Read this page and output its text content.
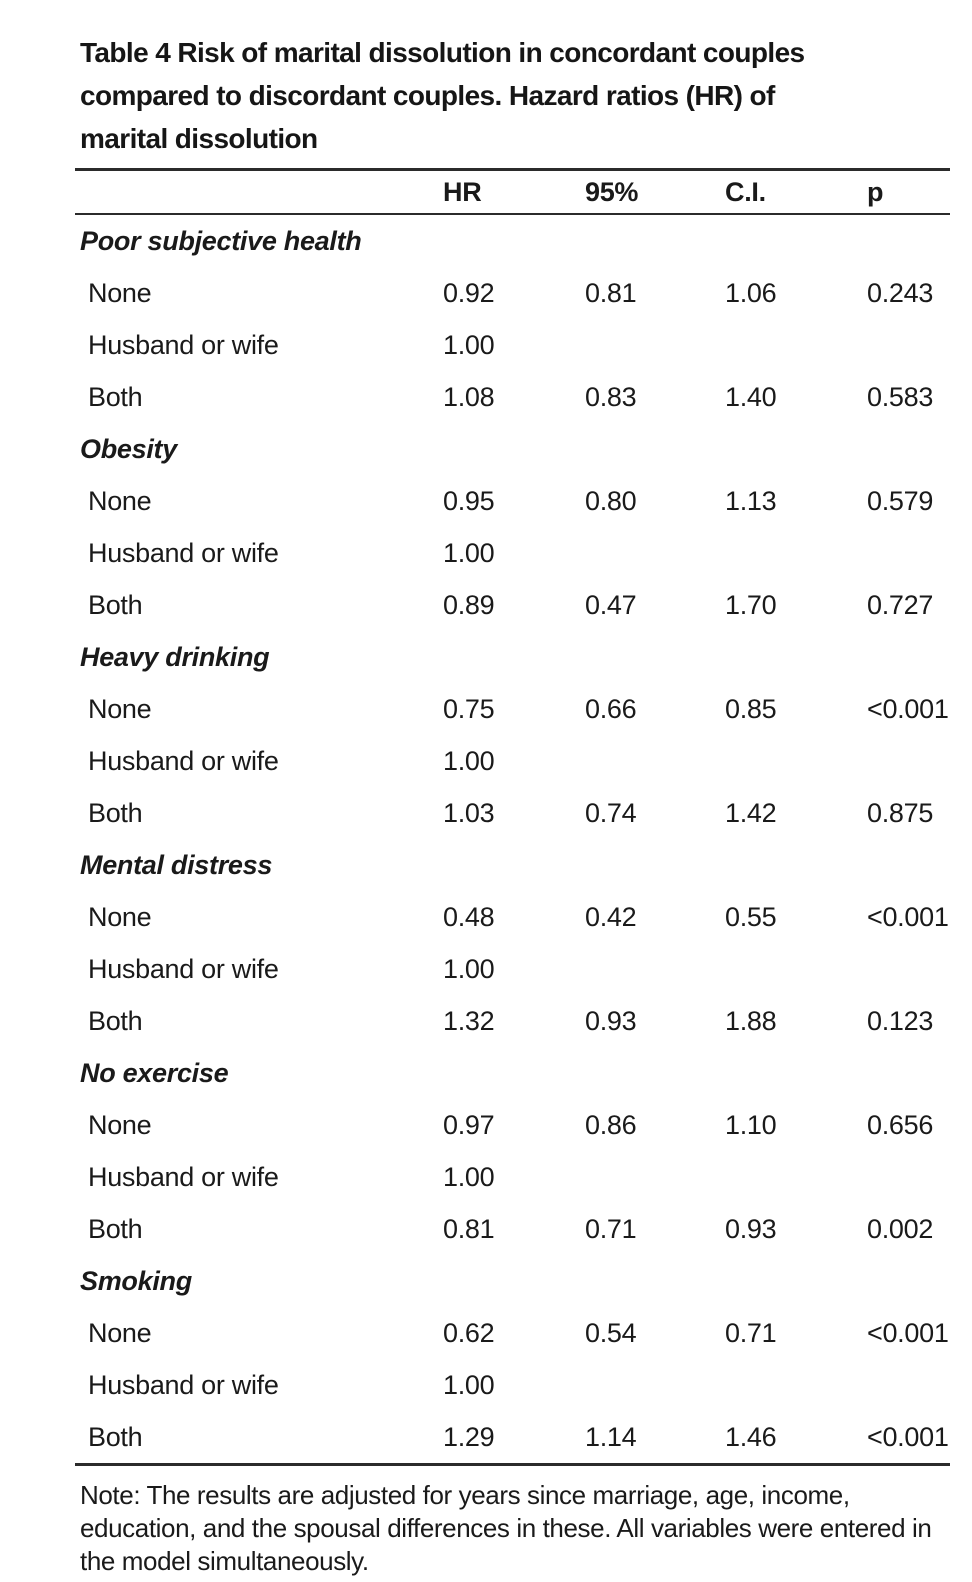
Table 4 Risk of marital dissolution in concordant couples
compared to discordant couples. Hazard ratios (HR) of
marital dissolution
HR	95%	C.I.	p
Poor subjective health
None	0.92	0.81	1.06	0.243
Husband or wife	1.00
Both	1.08	0.83	1.40	0.583
Obesity
None	0.95	0.80	1.13	0.579
Husband or wife	1.00
Both	0.89	0.47	1.70	0.727
Heavy drinking
None	0.75	0.66	0.85	<0.001
Husband or wife	1.00
Both	1.03	0.74	1.42	0.875
Mental distress
None	0.48	0.42	0.55	<0.001
Husband or wife	1.00
Both	1.32	0.93	1.88	0.123
No exercise
None	0.97	0.86	1.10	0.656
Husband or wife	1.00
Both	0.81	0.71	0.93	0.002
Smoking
None	0.62	0.54	0.71	<0.001
Husband or wife	1.00
Both	1.29	1.14	1.46	<0.001

Note: The results are adjusted for years since marriage, age, income,
education, and the spousal differences in these. All variables were entered in
the model simultaneously.
